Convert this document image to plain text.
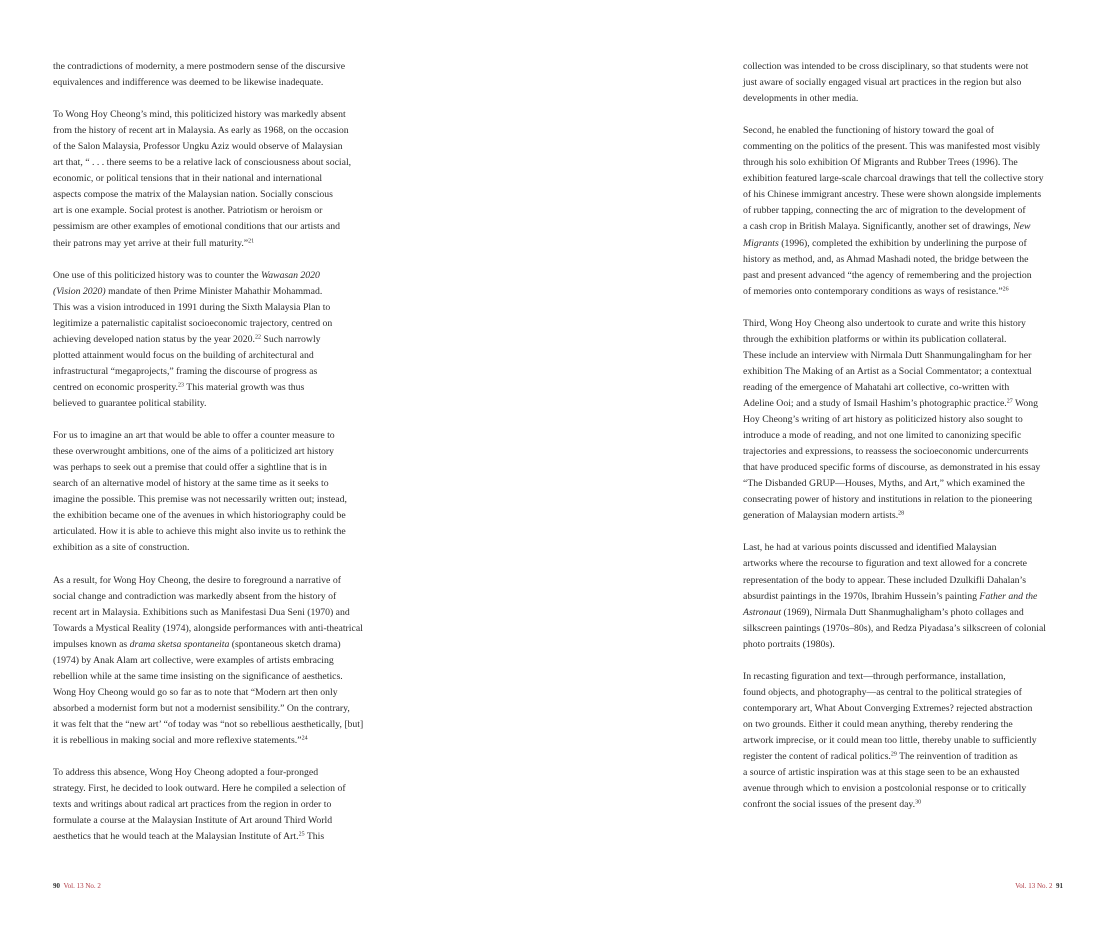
the contradictions of modernity, a mere postmodern sense of the discursive
equivalences and indifference was deemed to be likewise inadequate.
To Wong Hoy Cheong’s mind, this politicized history was markedly absent
from the history of recent art in Malaysia. As early as 1968, on the occasion
of the Salon Malaysia, Professor Ungku Aziz would observe of Malaysian
art that, “ . . . there seems to be a relative lack of consciousness about social,
economic, or political tensions that in their national and international
aspects compose the matrix of the Malaysian nation. Socially conscious
art is one example. Social protest is another. Patriotism or heroism or
pessimism are other examples of emotional conditions that our artists and
their patrons may yet arrive at their full maturity.”$^{21}$
One use of this politicized history was to counter the Wawasan 2020
(Vision 2020) mandate of then Prime Minister Mahathir Mohammad.
This was a vision introduced in 1991 during the Sixth Malaysia Plan to
legitimize a paternalistic capitalist socioeconomic trajectory, centred on
achieving developed nation status by the year 2020.22 Such narrowly
plotted attainment would focus on the building of architectural and
infrastructural “megaprojects,” framing the discourse of progress as
centred on economic prosperity.$^{23}$ This material growth was thus
believed to guarantee political stability.
For us to imagine an art that would be able to offer a counter measure to
these overwrought ambitions, one of the aims of a politicized art history
was perhaps to seek out a premise that could offer a sightline that is in
search of an alternative model of history at the same time as it seeks to
imagine the possible. This premise was not necessarily written out; instead,
the exhibition became one of the avenues in which historiography could be
articulated. How it is able to achieve this might also invite us to rethink the
exhibition as a site of construction.
As a result, for Wong Hoy Cheong, the desire to foreground a narrative of
social change and contradiction was markedly absent from the history of
recent art in Malaysia. Exhibitions such as Manifestasi Dua Seni (1970) and
Towards a Mystical Reality (1974), alongside performances with anti-theatrical
impulses known as drama sketsa spontaneita (spontaneous sketch drama)
(1974) by Anak Alam art collective, were examples of artists embracing
rebellion while at the same time insisting on the significance of aesthetics.
Wong Hoy Cheong would go so far as to note that “Modern art then only
absorbed a modernist form but not a modernist sensibility.” On the contrary,
it was felt that the “new art’ “of today was “not so rebellious aesthetically, [but]
it is rebellious in making social and more reflexive statements.”$^{24}$
To address this absence, Wong Hoy Cheong adopted a four-pronged
strategy. First, he decided to look outward. Here he compiled a selection of
texts and writings about radical art practices from the region in order to
formulate a course at the Malaysian Institute of Art around Third World
aesthetics that he would teach at the Malaysian Institute of Art.$^{25}$ This
collection was intended to be cross disciplinary, so that students were not
just aware of socially engaged visual art practices in the region but also
developments in other media.
Second, he enabled the functioning of history toward the goal of
commenting on the politics of the present. This was manifested most visibly
through his solo exhibition Of Migrants and Rubber Trees (1996). The
exhibition featured large-scale charcoal drawings that tell the collective story
of his Chinese immigrant ancestry. These were shown alongside implements
of rubber tapping, connecting the arc of migration to the development of
a cash crop in British Malaya. Significantly, another set of drawings, New
Migrants (1996), completed the exhibition by underlining the purpose of
history as method, and, as Ahmad Mashadi noted, the bridge between the
past and present advanced “the agency of remembering and the projection
of memories onto contemporary conditions as ways of resistance.”$^{26}$
Third, Wong Hoy Cheong also undertook to curate and write this history
through the exhibition platforms or within its publication collateral.
These include an interview with Nirmala Dutt Shanmungalingham for her
exhibition The Making of an Artist as a Social Commentator; a contextual
reading of the emergence of Mahatahi art collective, co-written with
Adeline Ooi; and a study of Ismail Hashim’s photographic practice.$^{27}$ Wong
Hoy Cheong’s writing of art history as politicized history also sought to
introduce a mode of reading, and not one limited to canonizing specific
trajectories and expressions, to reassess the socioeconomic undercurrents
that have produced specific forms of discourse, as demonstrated in his essay
“The Disbanded GRUP—Houses, Myths, and Art,” which examined the
consecrating power of history and institutions in relation to the pioneering
generation of Malaysian modern artists.$^{28}$
Last, he had at various points discussed and identified Malaysian
artworks where the recourse to figuration and text allowed for a concrete
representation of the body to appear. These included Dzulkifli Dahalan’s
absurdist paintings in the 1970s, Ibrahim Hussein’s painting Father and the
Astronaut (1969), Nirmala Dutt Shanmughaligham’s photo collages and
silkscreen paintings (1970s–80s), and Redza Piyadasa’s silkscreen of colonial
photo portraits (1980s).
In recasting figuration and text—through performance, installation,
found objects, and photography—as central to the political strategies of
contemporary art, What About Converging Extremes? rejected abstraction
on two grounds. Either it could mean anything, thereby rendering the
artwork imprecise, or it could mean too little, thereby unable to sufficiently
register the content of radical politics.$^{29}$ The reinvention of tradition as
a source of artistic inspiration was at this stage seen to be an exhausted
avenue through which to envision a postcolonial response or to critically
confront the social issues of the present day.$^{30}$
90 Vol. 13 No. 2	Vol. 13 No. 2 91
